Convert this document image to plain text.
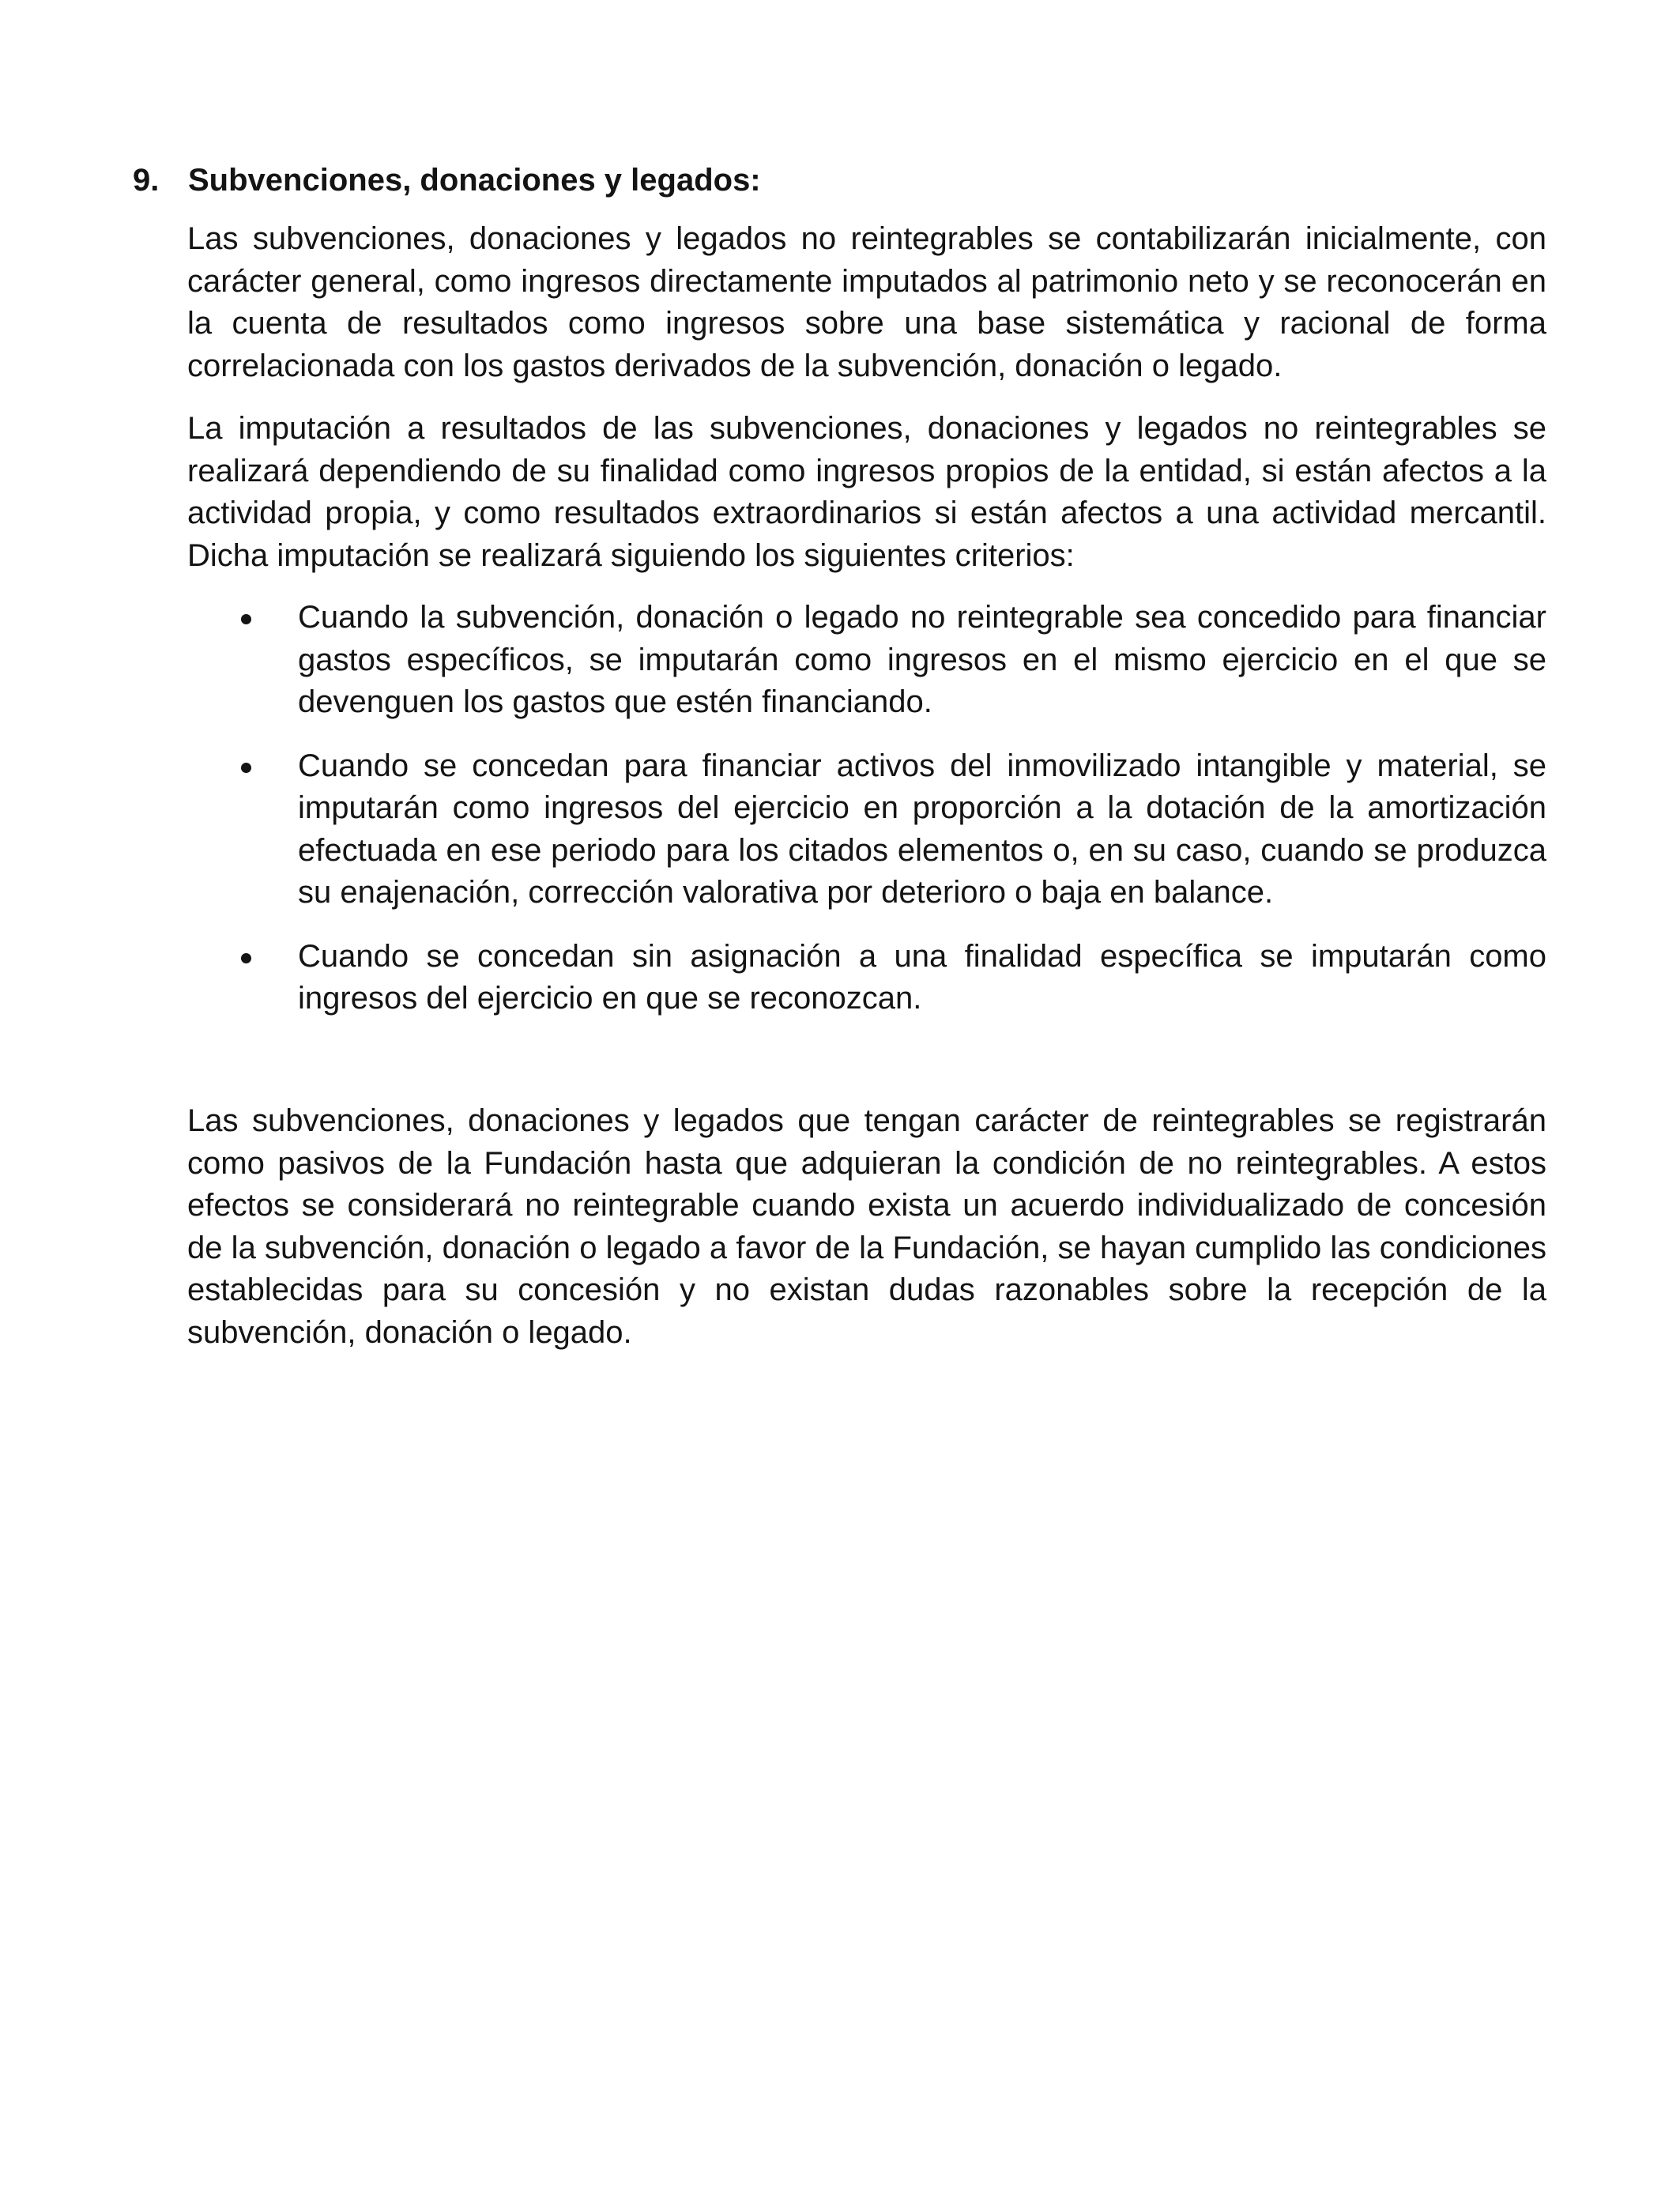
9. Subvenciones, donaciones y legados:

Las subvenciones, donaciones y legados no reintegrables se contabilizarán inicialmente, con carácter general, como ingresos directamente imputados al patrimonio neto y se reconocerán en la cuenta de resultados como ingresos sobre una base sistemática y racional de forma correlacionada con los gastos derivados de la subvención, donación o legado.

La imputación a resultados de las subvenciones, donaciones y legados no reintegrables se realizará dependiendo de su finalidad como ingresos propios de la entidad, si están afectos a la actividad propia, y como resultados extraordinarios si están afectos a una actividad mercantil. Dicha imputación se realizará siguiendo los siguientes criterios:

Cuando la subvención, donación o legado no reintegrable sea concedido para financiar gastos específicos, se imputarán como ingresos en el mismo ejercicio en el que se devenguen los gastos que estén financiando.
Cuando se concedan para financiar activos del inmovilizado intangible y material, se imputarán como ingresos del ejercicio en proporción a la dotación de la amortización efectuada en ese periodo para los citados elementos o, en su caso, cuando se produzca su enajenación, corrección valorativa por deterioro o baja en balance.
Cuando se concedan sin asignación a una finalidad específica se imputarán como ingresos del ejercicio en que se reconozcan.

Las subvenciones, donaciones y legados que tengan carácter de reintegrables se registrarán como pasivos de la Fundación hasta que adquieran la condición de no reintegrables. A estos efectos se considerará no reintegrable cuando exista un acuerdo individualizado de concesión de la subvención, donación o legado a favor de la Fundación, se hayan cumplido las condiciones establecidas para su concesión y no existan dudas razonables sobre la recepción de la subvención, donación o legado.
